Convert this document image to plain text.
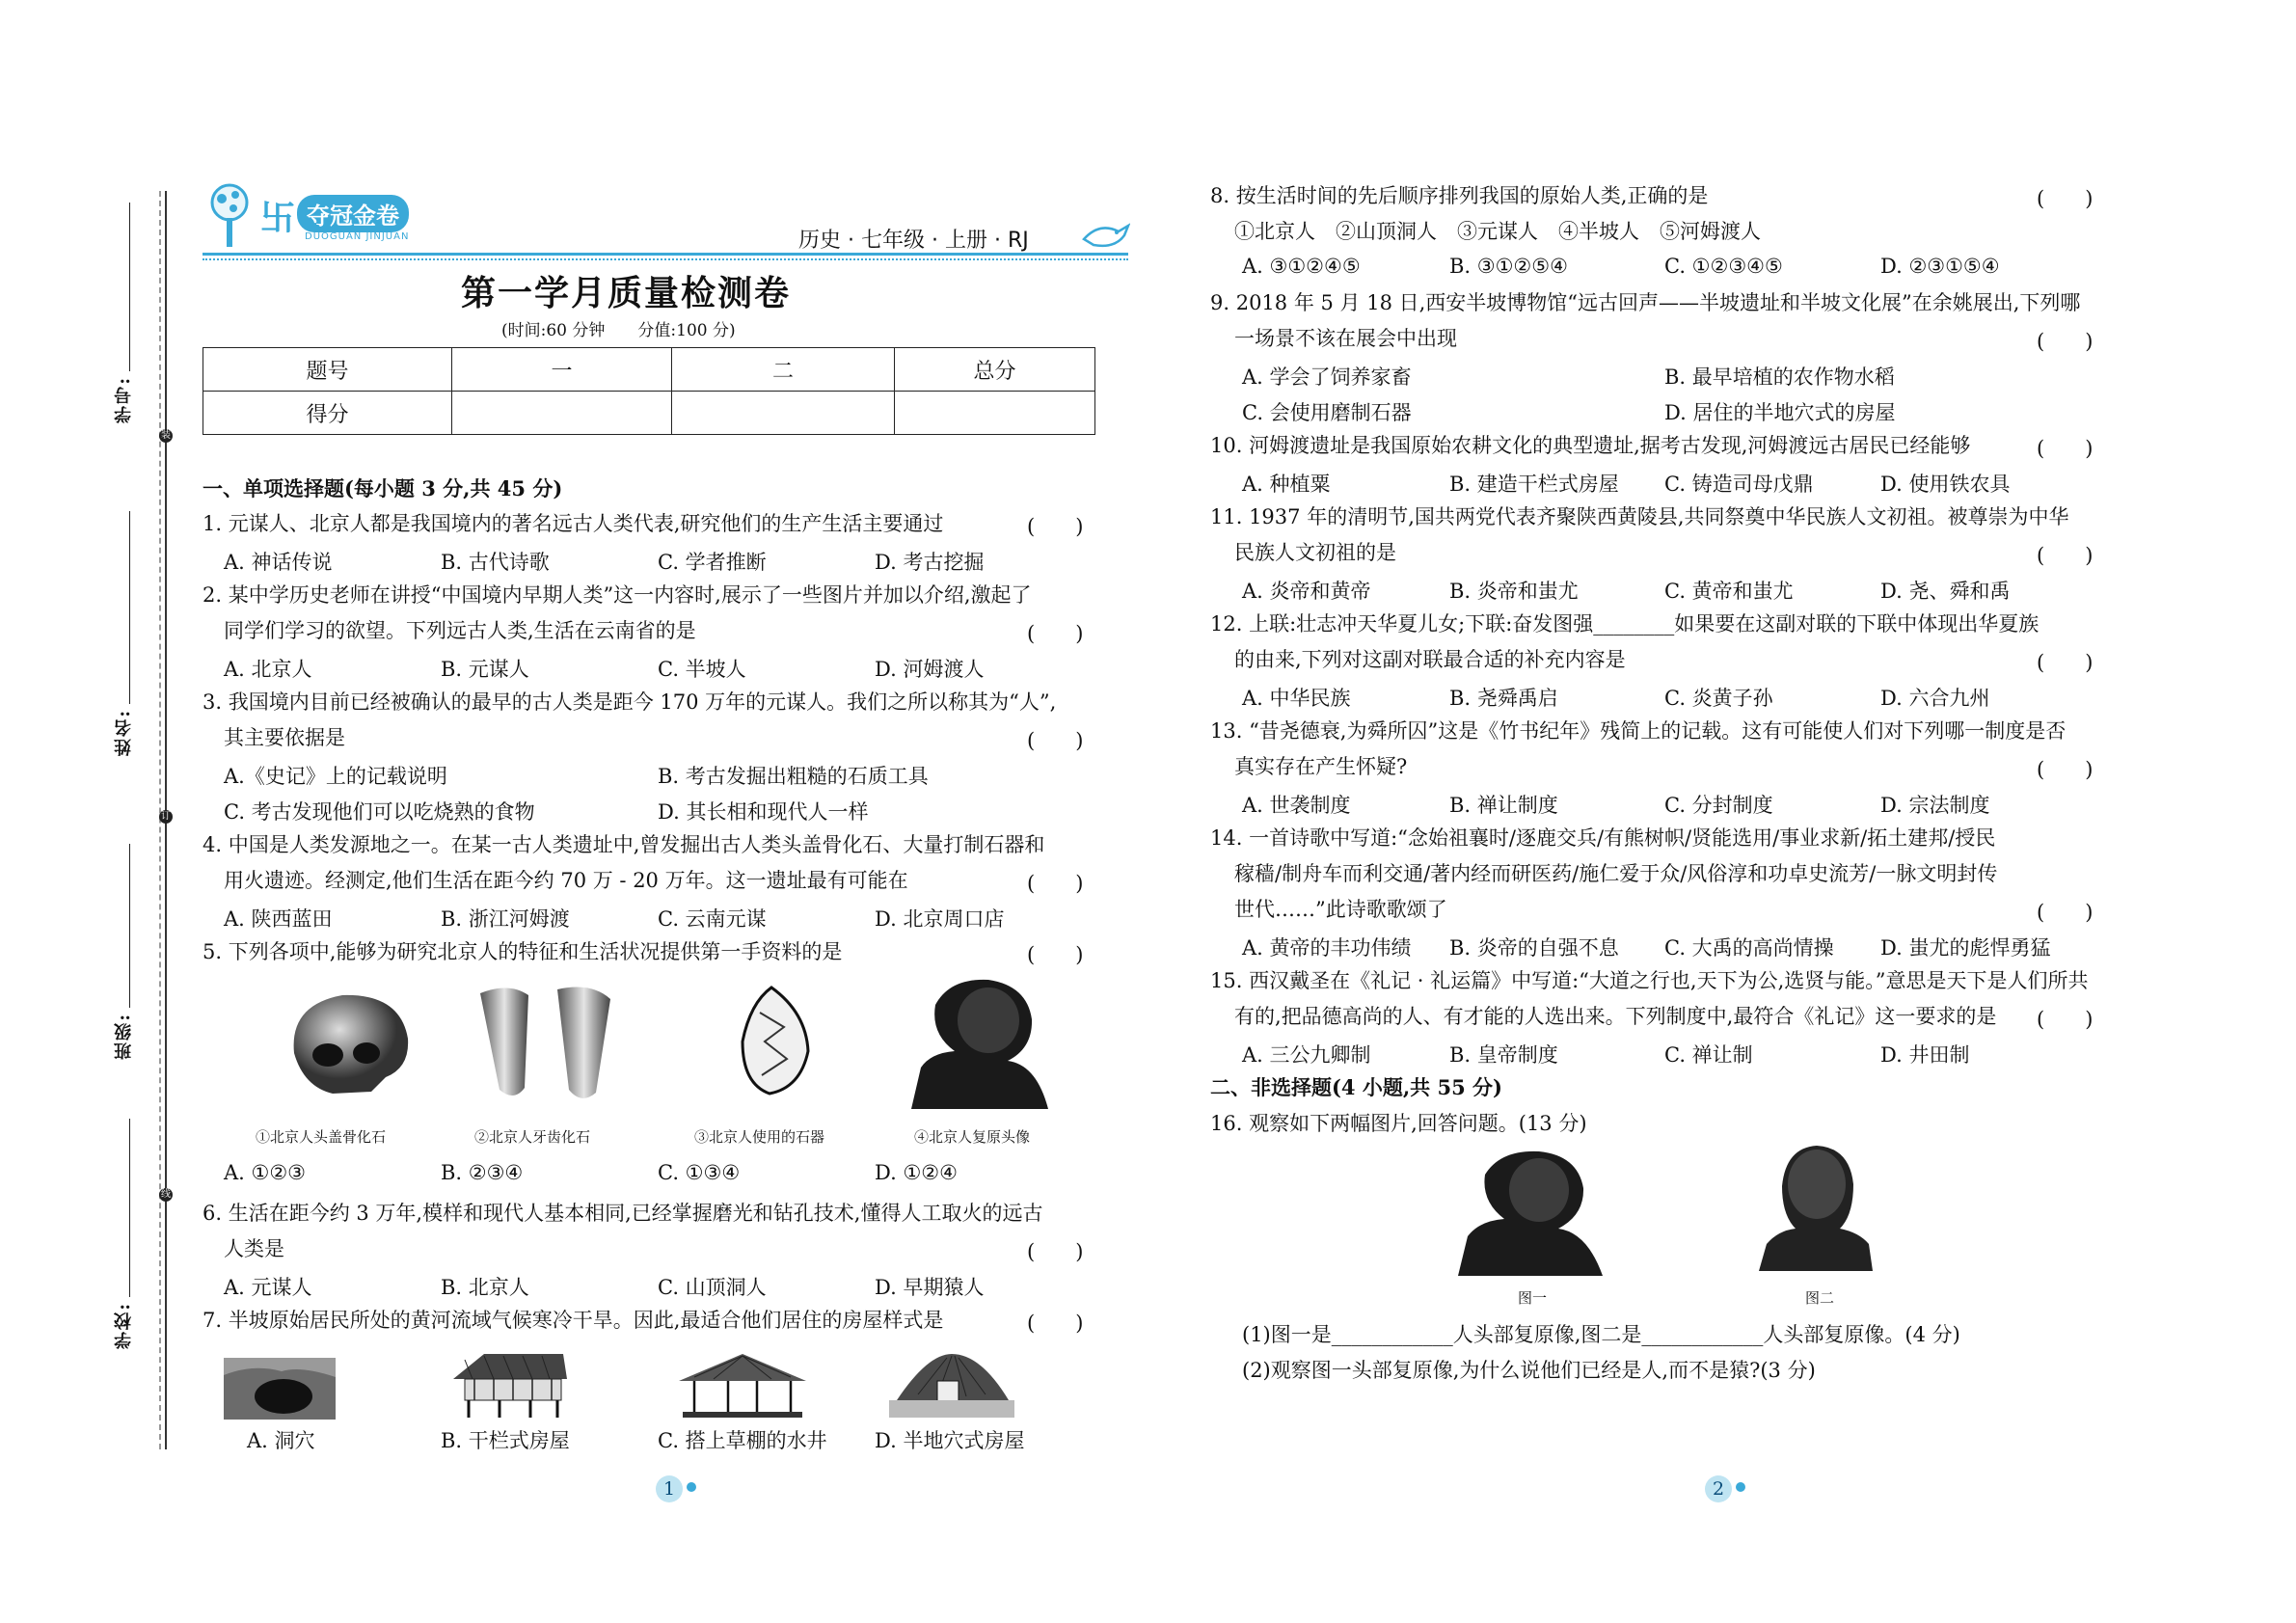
学号:
装
姓名:
订
班级:
线
学校:
卐 夺冠金卷
DUOGUAN JINJUAN	历史 · 七年级 · 上册 · RJ
第一学月质量检测卷
(时间:60 分钟　　分值:100 分)
题号	一	二	总分
得分			
一、单项选择题(每小题 3 分,共 45 分)
1. 元谋人、北京人都是我国境内的著名远古人类代表,研究他们的生产生活主要通过	(　　)
A. 神话传说	B. 古代诗歌	C. 学者推断	D. 考古挖掘
2. 某中学历史老师在讲授“中国境内早期人类”这一内容时,展示了一些图片并加以介绍,激起了
同学们学习的欲望。下列远古人类,生活在云南省的是	(　　)
A. 北京人	B. 元谋人	C. 半坡人	D. 河姆渡人
3. 我国境内目前已经被确认的最早的古人类是距今 170 万年的元谋人。我们之所以称其为“人”,
其主要依据是	(　　)
A.《史记》上的记载说明	B. 考古发掘出粗糙的石质工具
C. 考古发现他们可以吃烧熟的食物	D. 其长相和现代人一样
4. 中国是人类发源地之一。在某一古人类遗址中,曾发掘出古人类头盖骨化石、大量打制石器和
用火遗迹。经测定,他们生活在距今约 70 万 - 20 万年。这一遗址最有可能在	(　　)
A. 陕西蓝田	B. 浙江河姆渡	C. 云南元谋	D. 北京周口店
5. 下列各项中,能够为研究北京人的特征和生活状况提供第一手资料的是	(　　)
①北京人头盖骨化石	②北京人牙齿化石	③北京人使用的石器	④北京人复原头像
A. ①②③	B. ②③④	C. ①③④	D. ①②④
6. 生活在距今约 3 万年,模样和现代人基本相同,已经掌握磨光和钻孔技术,懂得人工取火的远古
人类是	(　　)
A. 元谋人	B. 北京人	C. 山顶洞人	D. 早期猿人
7. 半坡原始居民所处的黄河流域气候寒冷干旱。因此,最适合他们居住的房屋样式是	(　　)
A. 洞穴	B. 干栏式房屋	C. 搭上草棚的水井 D. 半地穴式房屋
1
8. 按生活时间的先后顺序排列我国的原始人类,正确的是	(　　)
①北京人　②山顶洞人　③元谋人　④半坡人　⑤河姆渡人
A. ③①②④⑤	B. ③①②⑤④	C. ①②③④⑤	D. ②③①⑤④
9. 2018 年 5 月 18 日,西安半坡博物馆“远古回声——半坡遗址和半坡文化展”在余姚展出,下列哪
一场景不该在展会中出现	(　　)
A. 学会了饲养家畜	B. 最早培植的农作物水稻
C. 会使用磨制石器	D. 居住的半地穴式的房屋
10. 河姆渡遗址是我国原始农耕文化的典型遗址,据考古发现,河姆渡远古居民已经能够	(　　)
A. 种植粟	B. 建造干栏式房屋 C. 铸造司母戊鼎	D. 使用铁农具
11. 1937 年的清明节,国共两党代表齐聚陕西黄陵县,共同祭奠中华民族人文初祖。被尊崇为中华
民族人文初祖的是	(　　)
A. 炎帝和黄帝	B. 炎帝和蚩尤	C. 黄帝和蚩尤	D. 尧、舜和禹
12. 上联:壮志冲天华夏儿女;下联:奋发图强________如果要在这副对联的下联中体现出华夏族
的由来,下列对这副对联最合适的补充内容是	(　　)
A. 中华民族	B. 尧舜禹启	C. 炎黄子孙	D. 六合九州
13. “昔尧德衰,为舜所囚”这是《竹书纪年》残简上的记载。这有可能使人们对下列哪一制度是否
真实存在产生怀疑?	(　　)
A. 世袭制度	B. 禅让制度	C. 分封制度	D. 宗法制度
14. 一首诗歌中写道:“念始祖襄时/逐鹿交兵/有熊树帜/贤能选用/事业求新/拓土建邦/授民
稼穑/制舟车而利交通/著内经而研医药/施仁爱于众/风俗淳和功卓史流芳/一脉文明封传
世代……”此诗歌歌颂了	(　　)
A. 黄帝的丰功伟绩 B. 炎帝的自强不息 C. 大禹的高尚情操 D. 蚩尤的彪悍勇猛
15. 西汉戴圣在《礼记 · 礼运篇》中写道:“大道之行也,天下为公,选贤与能。”意思是天下是人们所共
有的,把品德高尚的人、有才能的人选出来。下列制度中,最符合《礼记》这一要求的是 (　　)
A. 三公九卿制	B. 皇帝制度	C. 禅让制	D. 井田制
二、非选择题(4 小题,共 55 分)
16. 观察如下两幅图片,回答问题。(13 分)
图一	图二
(1)图一是____________人头部复原像,图二是____________人头部复原像。(4 分)
(2)观察图一头部复原像,为什么说他们已经是人,而不是猿?(3 分)
2
